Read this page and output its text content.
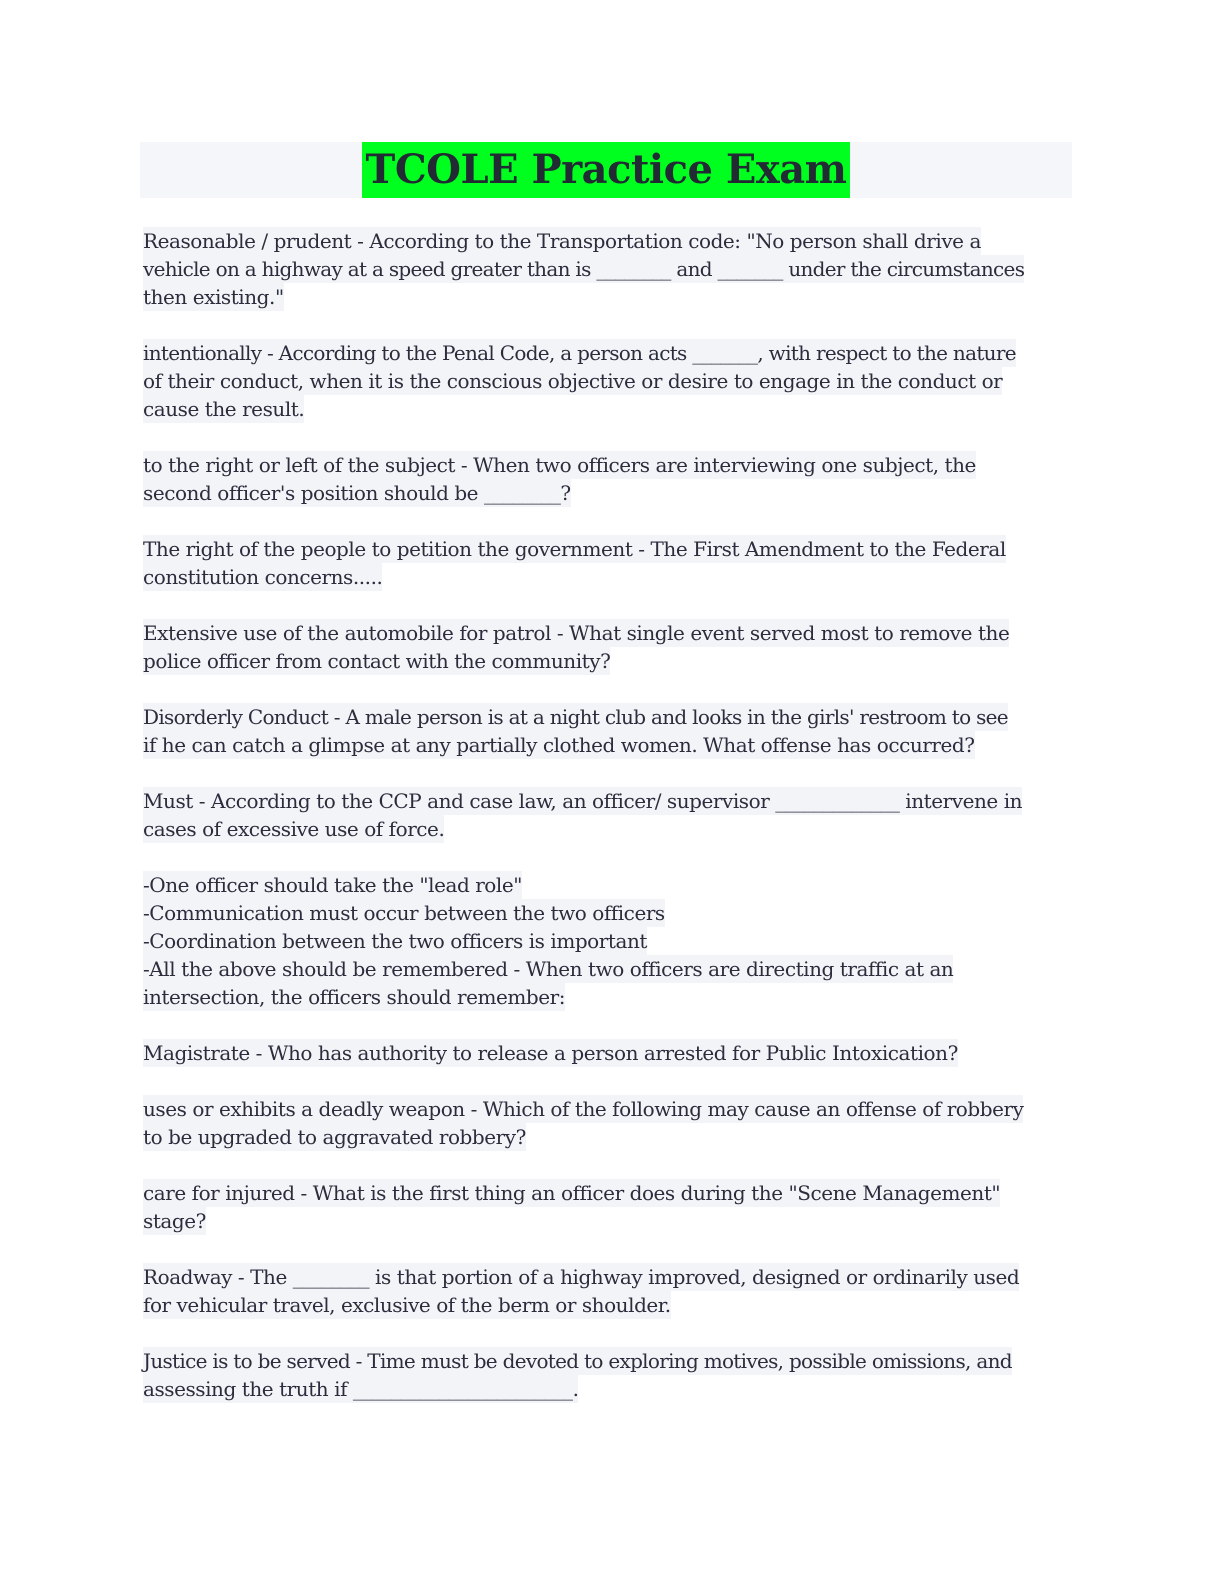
TCOLE Practice Exam
Reasonable / prudent - According to the Transportation code: "No person shall drive a
vehicle on a highway at a speed greater than is ________ and _______ under the circumstances
then existing."
intentionally - According to the Penal Code, a person acts _______, with respect to the nature
of their conduct, when it is the conscious objective or desire to engage in the conduct or
cause the result.
to the right or left of the subject - When two officers are interviewing one subject, the
second officer's position should be ________?
The right of the people to petition the government - The First Amendment to the Federal
constitution concerns.....
Extensive use of the automobile for patrol - What single event served most to remove the
police officer from contact with the community?
Disorderly Conduct - A male person is at a night club and looks in the girls' restroom to see
if he can catch a glimpse at any partially clothed women. What offense has occurred?
Must - According to the CCP and case law, an officer/ supervisor _____________ intervene in
cases of excessive use of force.
-One officer should take the "lead role"
-Communication must occur between the two officers
-Coordination between the two officers is important
-All the above should be remembered - When two officers are directing traffic at an
intersection, the officers should remember:
Magistrate - Who has authority to release a person arrested for Public Intoxication?
uses or exhibits a deadly weapon - Which of the following may cause an offense of robbery
to be upgraded to aggravated robbery?
care for injured - What is the first thing an officer does during the "Scene Management"
stage?
Roadway - The ________ is that portion of a highway improved, designed or ordinarily used
for vehicular travel, exclusive of the berm or shoulder.
Justice is to be served - Time must be devoted to exploring motives, possible omissions, and
assessing the truth if _______________________.
